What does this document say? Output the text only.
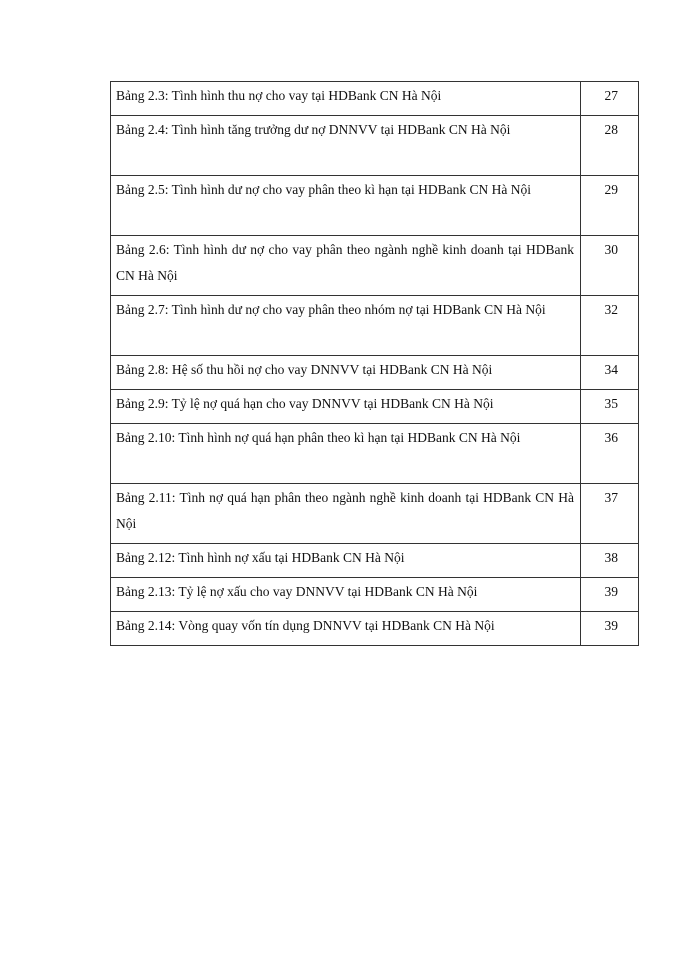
Bảng 2.3: Tình hình thu nợ cho vay tại HDBank CN Hà Nội	27
Bảng 2.4: Tình hình tăng trưởng dư nợ DNNVV tại HDBank CN Hà Nội	28
Bảng 2.5: Tình hình dư nợ cho vay phân theo kì hạn tại HDBank CN Hà Nội	29
Bảng 2.6: Tình hình dư nợ cho vay phân theo ngành nghề kinh doanh tại HDBank CN Hà Nội	30
Bảng 2.7: Tình hình dư nợ cho vay phân theo nhóm nợ tại HDBank CN Hà Nội	32
Bảng 2.8: Hệ số thu hồi nợ cho vay DNNVV tại HDBank CN Hà Nội	34
Bảng 2.9: Tỷ lệ nợ quá hạn cho vay DNNVV tại HDBank CN Hà Nội	35
Bảng 2.10: Tình hình nợ quá hạn phân theo kì hạn tại HDBank CN Hà Nội	36
Bảng 2.11: Tình nợ quá hạn phân theo ngành nghề kinh doanh tại HDBank CN Hà Nội	37
Bảng 2.12: Tình hình nợ xấu tại HDBank CN Hà Nội	38
Bảng 2.13: Tỷ lệ nợ xấu cho vay DNNVV tại HDBank CN Hà Nội	39
Bảng 2.14: Vòng quay vốn tín dụng DNNVV tại HDBank CN Hà Nội	39
